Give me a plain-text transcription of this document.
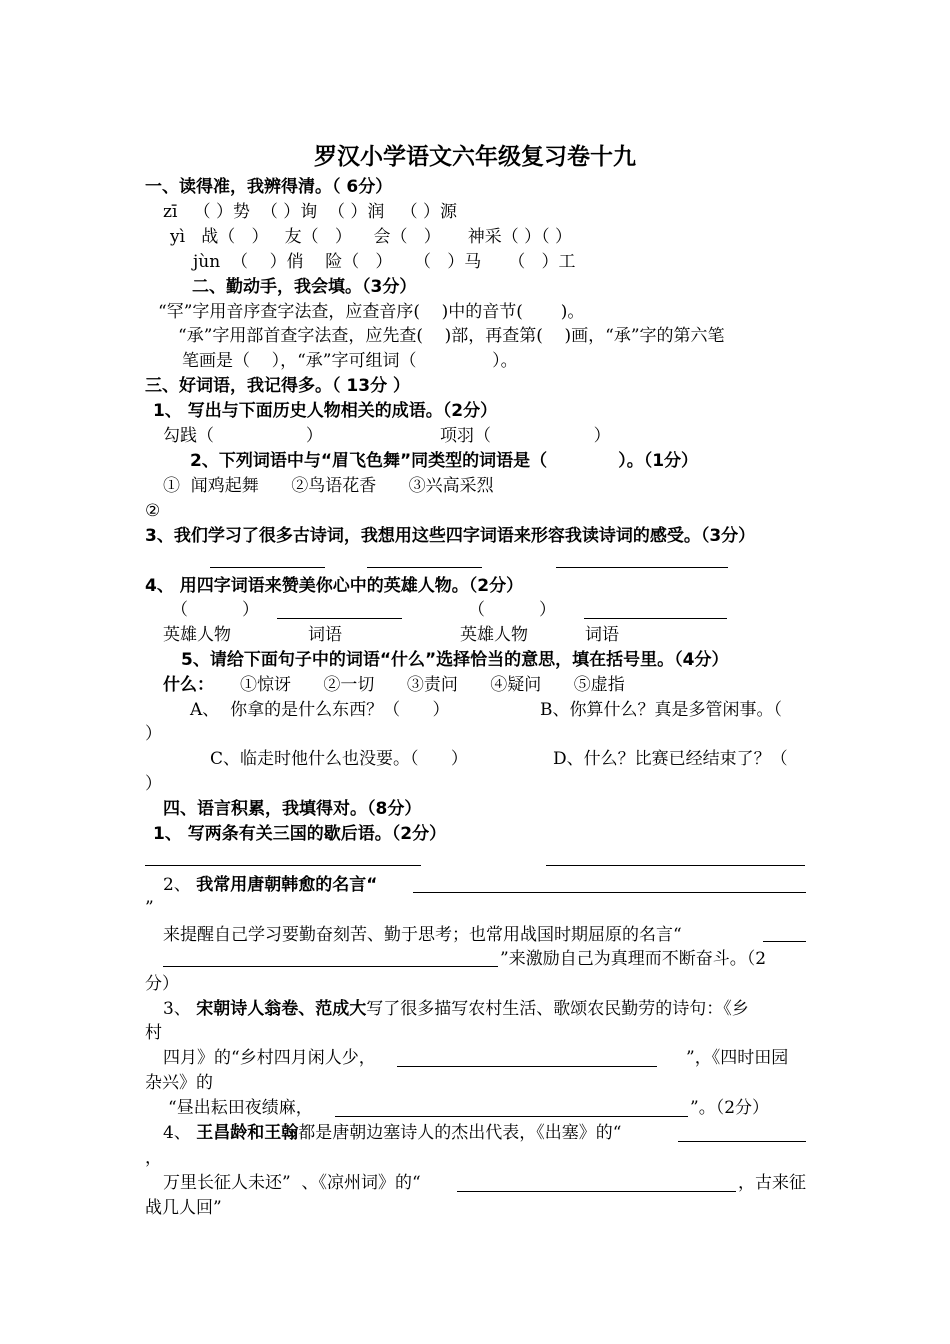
罗汉小学语文六年级复习卷十九
一、读得准，我辨得清。（ 6分）
zī   （ ）势  （ ）询  （ ）润   （ ）源
yì   战（   ）   友（   ）    会（   ）     神采（ ）（ ）
jùn  （    ）俏    险（   ）    （   ）马     （   ）工
二、勤动手，我会填。（3分）
“罕”字用音序查字法查，应查音序(    )中的音节(       )。
“承”字用部首查字法查，应先查(    )部，再查第(    )画，“承”字的第六笔
笔画是（    ），“承”字可组词（              ）。
三、好词语，我记得多。（ 13分 ）
1、 写出与下面历史人物相关的成语。（2分）
勾践（                 ）	项羽（                   ）
2、下列词语中与“眉飞色舞”同类型的词语是（            ）。（1分）
①  闻鸡起舞      ②鸟语花香      ③兴高采烈
②
3、我们学习了很多古诗词，我想用这些四字词语来形容我读诗词的感受。（3分）
4、 用四字词语来赞美你心中的英雄人物。（2分）
（          ）	（          ）
英雄人物	词语	英雄人物	词语
5、请给下面句子中的词语“什么”选择恰当的意思，填在括号里。（4分）
什么： ①惊讶      ②一切      ③责问      ④疑问      ⑤虚指
A、  你拿的是什么东西？（      ）	B、你算什么？真是多管闲事。（
）
C、临走时他什么也没要。（      ）	D、什么？比赛已经结束了？（
）
四、语言积累，我填得对。（8分）
1、 写两条有关三国的歇后语。（2分）
2、 我常用唐朝韩愈的名言“
”
来提醒自己学习要勤奋刻苦、勤于思考；也常用战国时期屈原的名言“
”来激励自己为真理而不断奋斗。（2
分）
3、 宋朝诗人翁卷、范成大写了很多描写农村生活、歌颂农民勤劳的诗句：《乡
村
四月》的“乡村四月闲人少，	”，《四时田园
杂兴》的
“昼出耘田夜绩麻，	”。（2分）
4、 王昌龄和王翰都是唐朝边塞诗人的杰出代表，《出塞》的“
，
万里长征人未还”  、《凉州词》的“	，古来征
战几人回”
